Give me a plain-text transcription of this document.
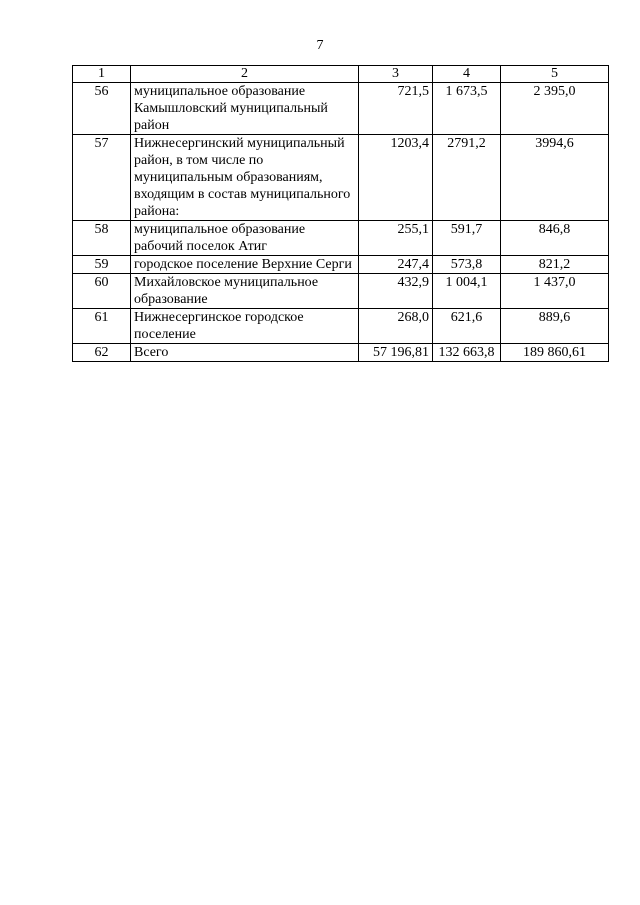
7
1	2	3	4	5
56	муниципальное образование Камышловский муниципальный район	721,5	1 673,5	2 395,0
57	Нижнесергинский муниципальный район, в том числе по муниципальным образованиям, входящим в состав муниципального района:	1203,4	2791,2	3994,6
58	муниципальное образование рабочий поселок Атиг	255,1	591,7	846,8
59	городское поселение Верхние Серги	247,4	573,8	821,2
60	Михайловское муниципальное образование	432,9	1 004,1	1 437,0
61	Нижнесергинское городское поселение	268,0	621,6	889,6
62	Всего	57 196,81	132 663,8	189 860,61
